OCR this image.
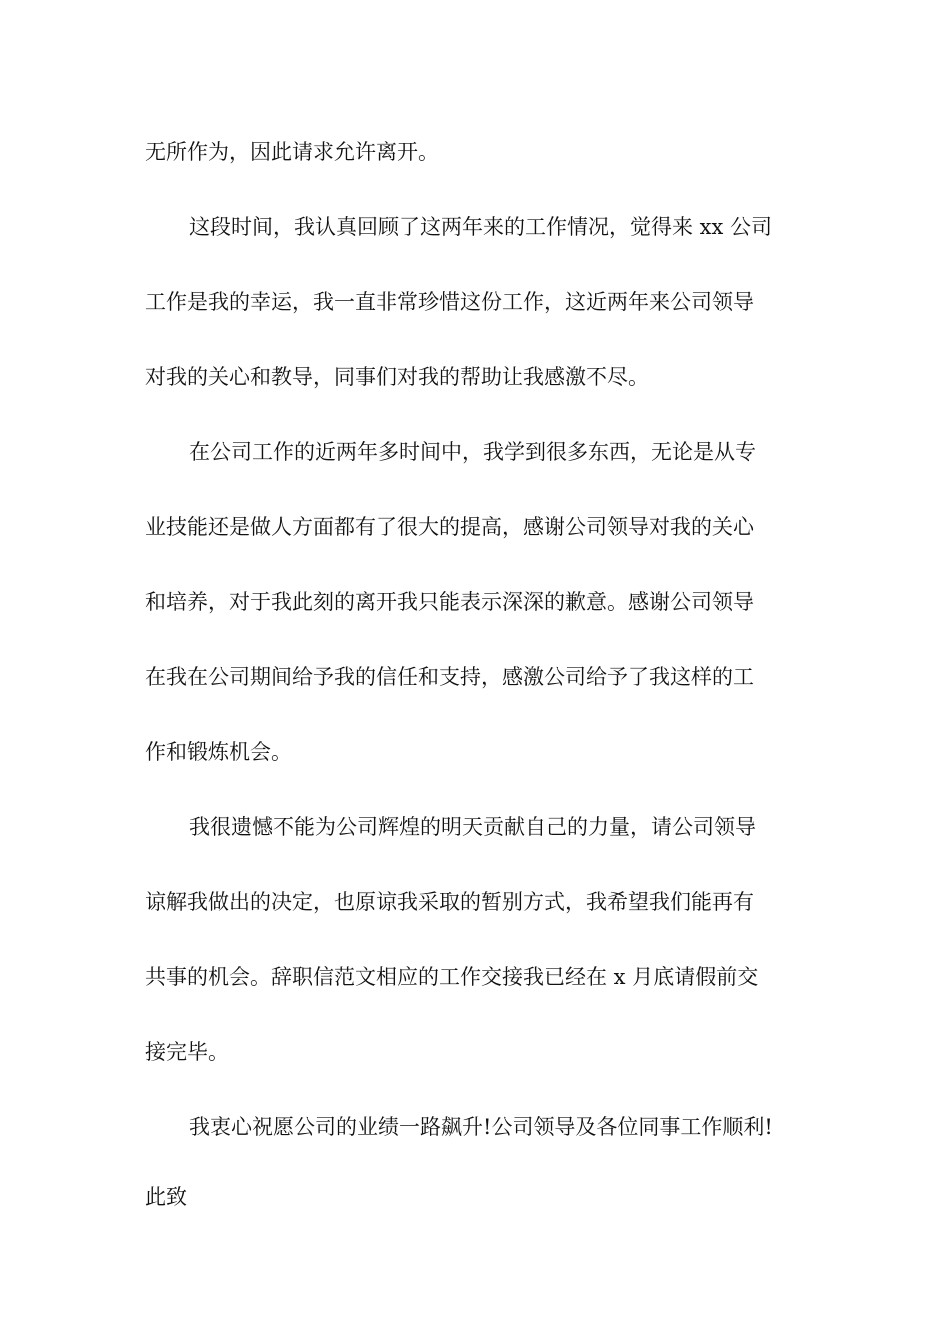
无所作为，因此请求允许离开。
这段时间，我认真回顾了这两年来的工作情况，觉得来 xx 公司
工作是我的幸运，我一直非常珍惜这份工作，这近两年来公司领导
对我的关心和教导，同事们对我的帮助让我感激不尽。
在公司工作的近两年多时间中，我学到很多东西，无论是从专
业技能还是做人方面都有了很大的提高，感谢公司领导对我的关心
和培养，对于我此刻的离开我只能表示深深的歉意。感谢公司领导
在我在公司期间给予我的信任和支持，感激公司给予了我这样的工
作和锻炼机会。
我很遗憾不能为公司辉煌的明天贡献自己的力量，请公司领导
谅解我做出的决定，也原谅我采取的暂别方式，我希望我们能再有
共事的机会。辞职信范文相应的工作交接我已经在 x 月底请假前交
接完毕。
我衷心祝愿公司的业绩一路飙升!公司领导及各位同事工作顺利!
此致
